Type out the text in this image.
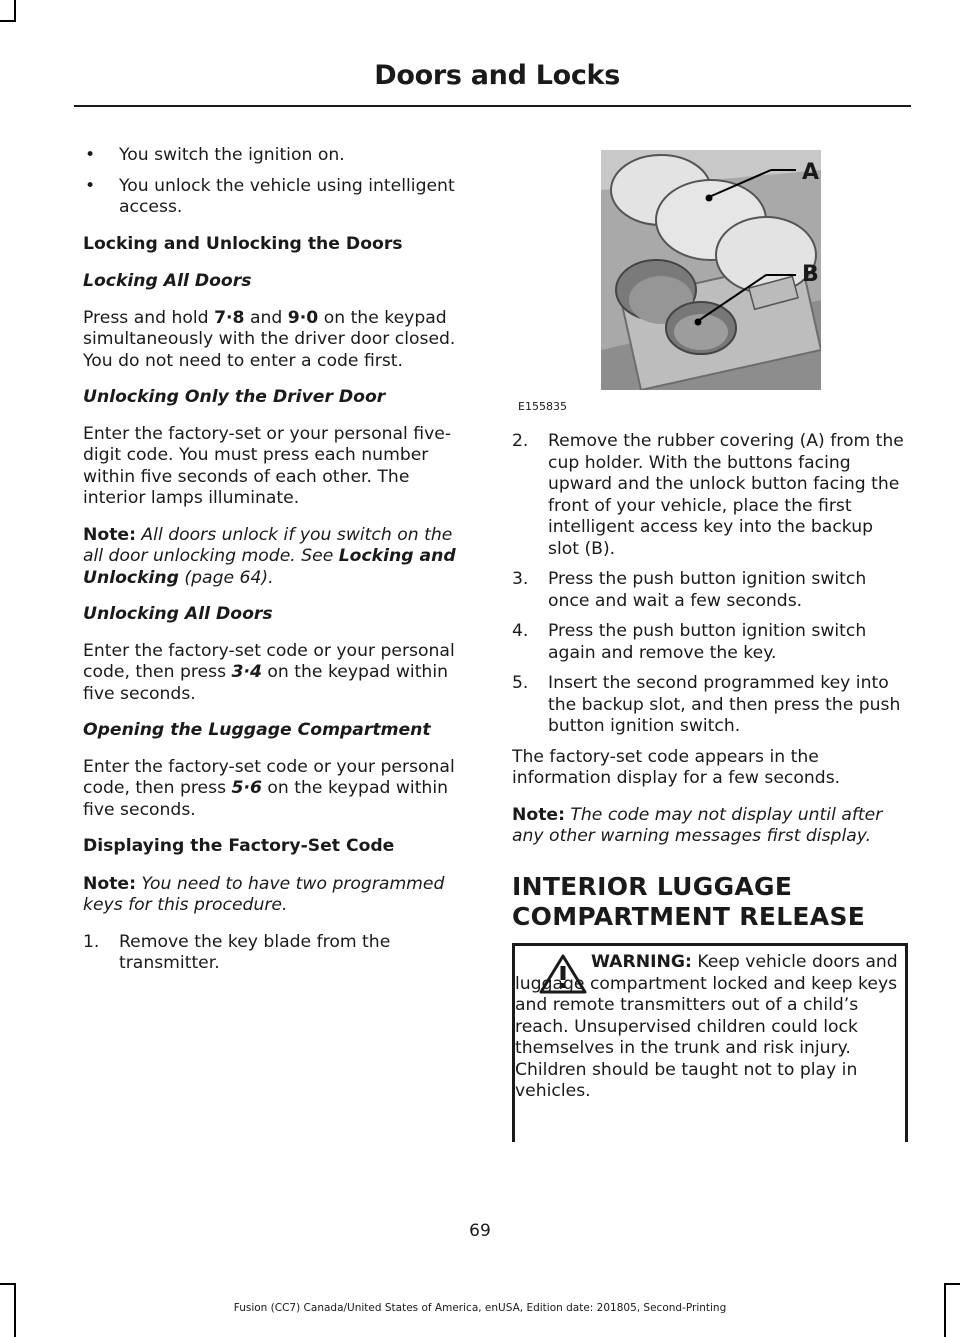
Doors and Locks
•	You switch the ignition on.
•	You unlock the vehicle using intelligent access.

Locking and Unlocking the Doors

Locking All Doors

Press and hold 7·8 and 9·0 on the keypad simultaneously with the driver door closed. You do not need to enter a code first.

Unlocking Only the Driver Door

Enter the factory-set or your personal five-digit code. You must press each number within five seconds of each other. The interior lamps illuminate.

Note: All doors unlock if you switch on the all door unlocking mode. See Locking and Unlocking (page 64).

Unlocking All Doors

Enter the factory-set code or your personal code, then press 3·4 on the keypad within five seconds.

Opening the Luggage Compartment

Enter the factory-set code or your personal code, then press 5·6 on the keypad within five seconds.

Displaying the Factory-Set Code

Note: You need to have two programmed keys for this procedure.

1.	Remove the key blade from the transmitter.
A
B
E155835
2.	Remove the rubber covering (A) from the cup holder. With the buttons facing upward and the unlock button facing the front of your vehicle, place the first intelligent access key into the backup slot (B).
3.	Press the push button ignition switch once and wait a few seconds.
4.	Press the push button ignition switch again and remove the key.
5.	Insert the second programmed key into the backup slot, and then press the push button ignition switch.

The factory-set code appears in the information display for a few seconds.

Note: The code may not display until after any other warning messages first display.

INTERIOR LUGGAGE

COMPARTMENT RELEASE

WARNING: Keep vehicle doors and luggage compartment locked and keep keys and remote transmitters out of a child’s reach. Unsupervised children could lock themselves in the trunk and risk injury. Children should be taught not to play in vehicles.
69
Fusion (CC7) Canada/United States of America, enUSA, Edition date: 201805, Second-Printing
